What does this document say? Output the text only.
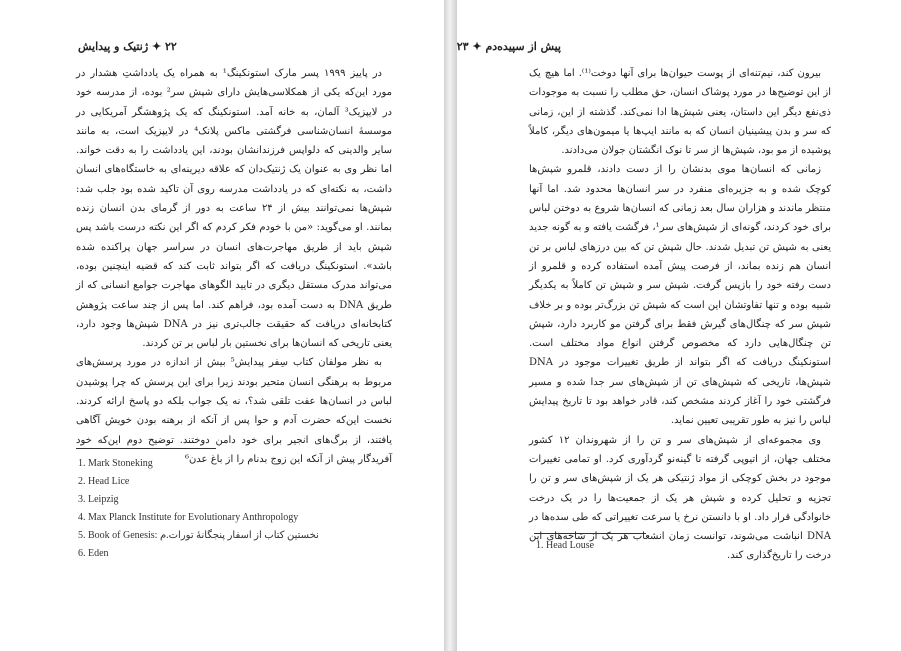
۲۲ ✦ ژنتیک و پیدایش

در پاییز ۱۹۹۹ پسر مارک استونکینگ¹ به همراه یک یادداشتِ هشدار در مورد این‌که یکی از همکلاسی‌هایش دارای شپش سر² بوده، از مدرسه خود در لایپزیک³ آلمان، به خانه آمد. استونکینگ که یک پژوهشگر آمریکایی در موسسهٔ انسان‌شناسی فرگشتی ماکس پلانک⁴ در لایپزیک است، به مانند سایر والدینی که دلواپس فرزندانشان بودند، این یادداشت را به دقت خواند. اما نظر وی به عنوان یک ژنتیک‌دان که علاقه دیرینه‌ای به خاستگاه‌های انسان داشت، به نکته‌ای که در یادداشت مدرسه روی آن تاکید شده بود جلب شد: شپش‌ها نمی‌توانند بیش از ۲۴ ساعت به دور از گرمای بدن انسان زنده بمانند. او می‌گوید: «من با خودم فکر کردم که اگر این نکته درست باشد پس شپش باید از طریق مهاجرت‌های انسان در سراسر جهان پراکنده شده باشد». استونکینگ دریافت که اگر بتواند ثابت کند که قضیه اینچنین بوده، می‌تواند مدرک مستقل دیگری در تایید الگوهای مهاجرت جوامع انسانی که از طریق DNA به دست آمده بود، فراهم کند. اما پس از چند ساعت پژوهش کتابخانه‌ای دریافت که حقیقت جالب‌تری نیز در DNA شپش‌ها وجود دارد، یعنی تاریخی که انسان‌ها برای نخستین بار لباس بر تن کردند.

به نظر مولفان کتاب سِفر پیدایش⁵ بیش از اندازه در مورد پرسش‌های مربوط به برهنگی انسان متحیر بودند زیرا برای این پرسش که چرا پوشیدن لباس در انسان‌ها عفت تلقی شد؟، نه یک جواب بلکه دو پاسخ ارائه کردند. نخست این‌که حضرت آدم و حوا پس از آنکه از برهنه بودن خویش آگاهی یافتند، از برگ‌های انجیر برای خود دامن دوختند. توضیح دوم این‌که خود آفریدگار پیش از آنکه این زوج بدنام را از باغ عدن⁶

1. Mark Stoneking
2. Head Lice
3. Leipzig
4. Max Planck Institute for Evolutionary Anthropology
5. Book of Genesis: نخستین کتاب از اسفار پنجگانهٔ تورات.م
6. Eden
پیش از سپیده‌دم ✦ ۲۳

بیرون کند، نیم‌تنه‌ای از پوست حیوان‌ها برای آنها دوخت⁽¹⁾. اما هیچ یک از این توضیح‌ها در مورد پوشاک انسان، حق مطلب را نسبت به موجودات ذی‌نفع دیگر این داستان، یعنی شپش‌ها ادا نمی‌کند. گذشته از این، زمانی که سر و بدن پیشینیان انسان که به مانند ایپ‌ها یا میمون‌های دیگر، کاملاً پوشیده از مو بود، شپش‌ها از سر تا نوک انگشتان جولان می‌دادند.

زمانی که انسان‌ها موی بدنشان را از دست دادند، قلمرو شپش‌ها کوچک شده و به جزیره‌ای منفرد در سر انسان‌ها محدود شد. اما آنها منتظر ماندند و هزاران سال بعد زمانی که انسان‌ها شروع به دوختن لباس برای خود کردند، گونه‌ای از شپش‌های سر¹، فرگشت یافته و به گونه جدید یعنی به شپش تن تبدیل شدند. حال شپش تن که بین درزهای لباس بر تن انسان هم زنده بماند، از فرصت پیش آمده استفاده کرده و قلمرو از دست رفته خود را بازپس گرفت. شپش سر و شپش تن کاملاً به یکدیگر شبیه بوده و تنها تفاوتشان این است که شپش تن بزرگ‌تر بوده و بر خلاف شپش سر که چنگال‌های گیرش فقط برای گرفتن مو کاربرد دارد، شپش تن چنگال‌هایی دارد که مخصوص گرفتن انواع مواد مختلف است. استونکینگ دریافت که اگر بتواند از طریق تغییرات موجود در DNA شپش‌ها، تاریخی که شپش‌های تن از شپش‌های سر جدا شده و مسیر فرگشتی خود را آغاز کردند مشخص کند، قادر خواهد بود تا تاریخ پیدایش لباس را نیز به طور تقریبی تعیین نماید.

وی مجموعه‌ای از شپش‌های سر و تن را از شهروندان ۱۲ کشور مختلف جهان، از اتیوپی گرفته تا گینه‌نو گردآوری کرد. او تمامی تغییرات موجود در بخش کوچکی از مواد ژنتیکی هر یک از شپش‌های سر و تن را تجزیه و تحلیل کرده و شپش هر یک از جمعیت‌ها را در یک درخت خانوادگی قرار داد. او با دانستن نرخ یا سرعت تغییراتی که طی سده‌ها در DNA انباشت می‌شوند، توانست زمان انشعاب هر یک از شاخه‌های این درخت را تاریخ‌گذاری کند.

1. Head Louse
